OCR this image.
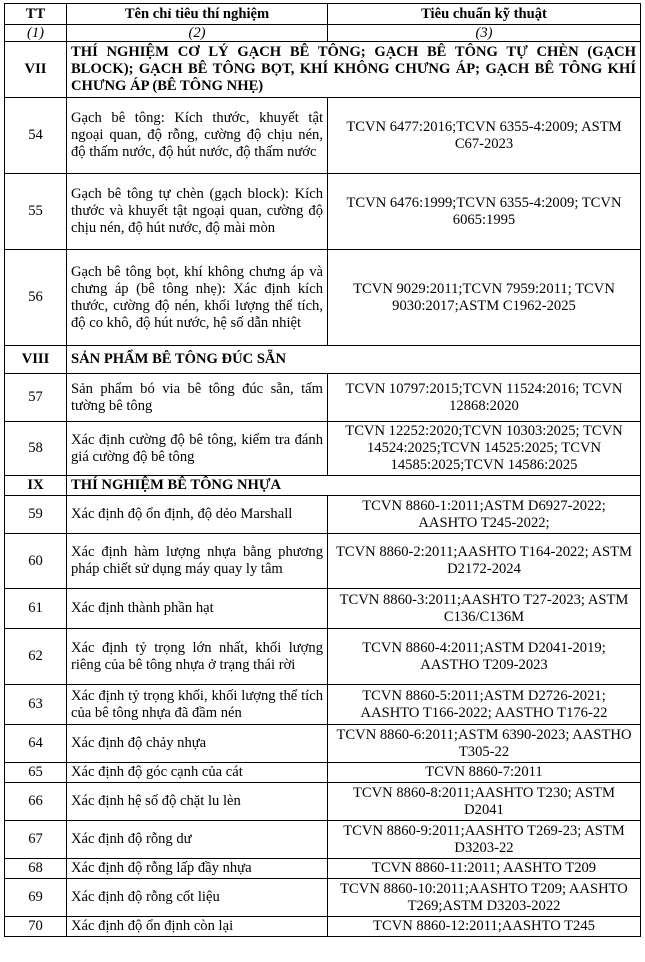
TT	Tên chỉ tiêu thí nghiệm	Tiêu chuẩn kỹ thuật
(1)	(2)	(3)
VII	THÍ NGHIỆM CƠ LÝ GẠCH BÊ TÔNG; GẠCH BÊ TÔNG TỰ CHÈN (GẠCH BLOCK); GẠCH BÊ TÔNG BỌT, KHÍ KHÔNG CHƯNG ÁP; GẠCH BÊ TÔNG KHÍ CHƯNG ÁP (BÊ TÔNG NHẸ)	
54	Gạch bê tông: Kích thước, khuyết tật ngoại quan, độ rỗng, cường độ chịu nén, độ thấm nước, độ hút nước, độ thấm nước	TCVN 6477:2016;TCVN 6355-4:2009; ASTM C67-2023
55	Gạch bê tông tự chèn (gạch block): Kích thước và khuyết tật ngoại quan, cường độ chịu nén, độ hút nước, độ mài mòn	TCVN 6476:1999;TCVN 6355-4:2009; TCVN 6065:1995
56	Gạch bê tông bọt, khí không chưng áp và chưng áp (bê tông nhẹ): Xác định kích thước, cường độ nén, khối lượng thể tích, độ co khô, độ hút nước, hệ số dẫn nhiệt	TCVN 9029:2011;TCVN 7959:2011; TCVN 9030:2017;ASTM C1962-2025
VIII	SẢN PHẨM BÊ TÔNG ĐÚC SẴN	
57	Sản phẩm bó via bê tông đúc sẵn, tấm tường bê tông	TCVN 10797:2015;TCVN 11524:2016; TCVN 12868:2020
58	Xác định cường độ bê tông, kiểm tra đánh giá cường độ bê tông	TCVN 12252:2020;TCVN 10303:2025; TCVN 14524:2025;TCVN 14525:2025; TCVN 14585:2025;TCVN 14586:2025
IX	THÍ NGHIỆM BÊ TÔNG NHỰA	
59	Xác định độ ổn định, độ dẻo Marshall	TCVN 8860-1:2011;ASTM D6927-2022; AASHTO T245-2022;
60	Xác định hàm lượng nhựa bằng phương pháp chiết sử dụng máy quay ly tâm	TCVN 8860-2:2011;AASHTO T164-2022; ASTM D2172-2024
61	Xác định thành phần hạt	TCVN 8860-3:2011;AASHTO T27-2023; ASTM C136/C136M
62	Xác định tỷ trọng lớn nhất, khối lượng riêng của bê tông nhựa ở trạng thái rời	TCVN 8860-4:2011;ASTM D2041-2019; AASTHO T209-2023
63	Xác định tỷ trọng khối, khối lượng thể tích của bê tông nhựa đã đầm nén	TCVN 8860-5:2011;ASTM D2726-2021; AASHTO T166-2022; AASTHO T176-22
64	Xác định độ chảy nhựa	TCVN 8860-6:2011;ASTM 6390-2023; AASTHO T305-22
65	Xác định độ góc cạnh của cát	TCVN 8860-7:2011
66	Xác định hệ số độ chặt lu lèn	TCVN 8860-8:2011;AASHTO T230; ASTM D2041
67	Xác định độ rỗng dư	TCVN 8860-9:2011;AASHTO T269-23; ASTM D3203-22
68	Xác định độ rỗng lấp đầy nhựa	TCVN 8860-11:2011; AASHTO T209
69	Xác định độ rỗng cốt liệu	TCVN 8860-10:2011;AASHTO T209; AASHTO T269;ASTM D3203-2022
70	Xác định độ ổn định còn lại	TCVN 8860-12:2011;AASHTO T245
